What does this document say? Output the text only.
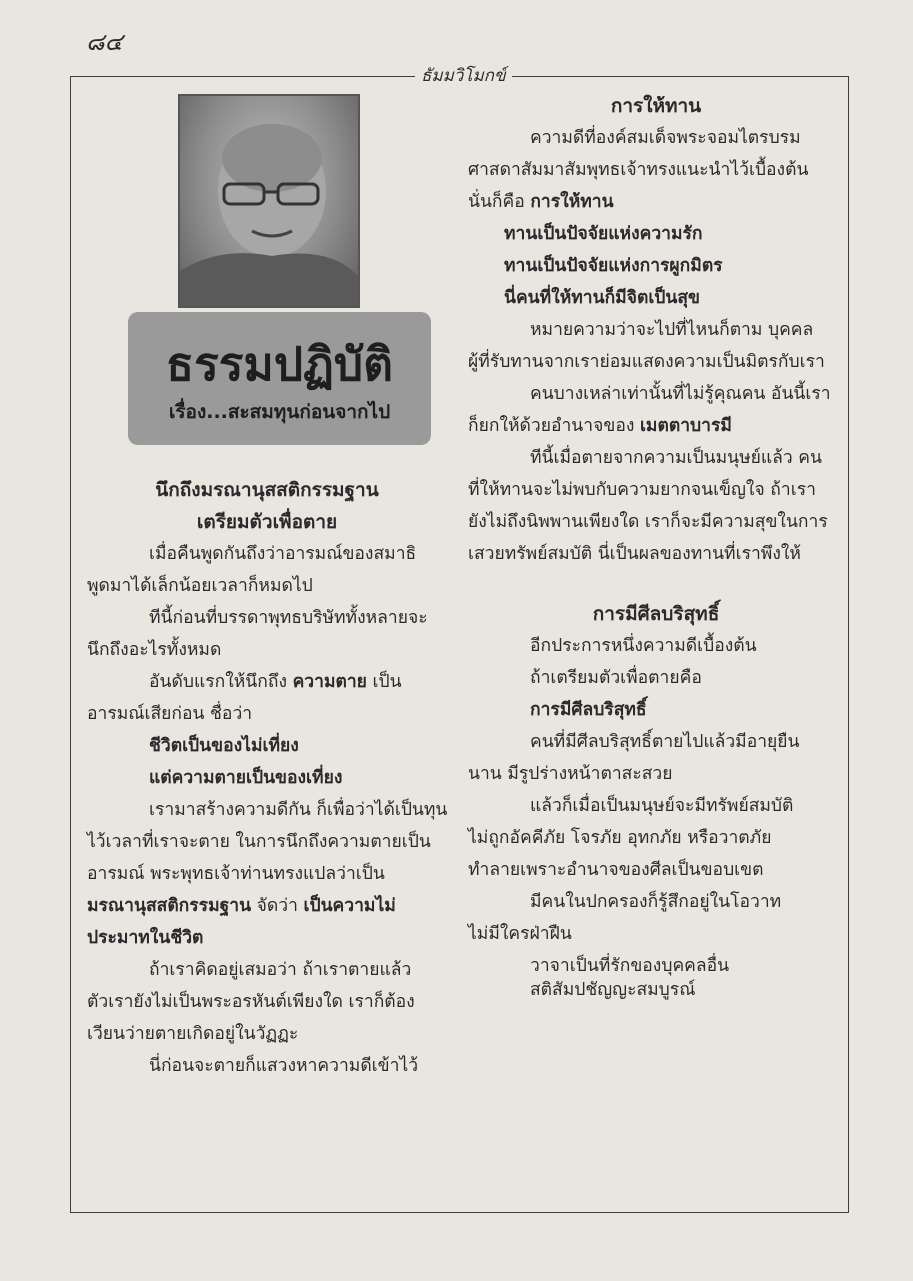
๘๔
ธัมมวิโมกข์
ธรรมปฏิบัติ
เรื่อง...สะสมทุนก่อนจากไป
นึกถึงมรณานุสสติกรรมฐาน
เตรียมตัวเพื่อตาย
เมื่อคืนพูดกันถึงว่าอารมณ์ของสมาธิ
พูดมาได้เล็กน้อยเวลาก็หมดไป
ทีนี้ก่อนที่บรรดาพุทธบริษัททั้งหลายจะ
นึกถึงอะไรทั้งหมด
อันดับแรกให้นึกถึง ความตาย เป็น
อารมณ์เสียก่อน ชื่อว่า
ชีวิตเป็นของไม่เที่ยง
แต่ความตายเป็นของเที่ยง
เรามาสร้างความดีกัน ก็เพื่อว่าได้เป็นทุน
ไว้เวลาที่เราจะตาย ในการนึกถึงความตายเป็น
อารมณ์ พระพุทธเจ้าท่านทรงแปลว่าเป็น
มรณานุสสติกรรมฐาน จัดว่า เป็นความไม่
ประมาทในชีวิต
ถ้าเราคิดอยู่เสมอว่า ถ้าเราตายแล้ว
ตัวเรายังไม่เป็นพระอรหันต์เพียงใด เราก็ต้อง
เวียนว่ายตายเกิดอยู่ในวัฏฏะ
นี่ก่อนจะตายก็แสวงหาความดีเข้าไว้
การให้ทาน
ความดีที่องค์สมเด็จพระจอมไตรบรม
ศาสดาสัมมาสัมพุทธเจ้าทรงแนะนำไว้เบื้องต้น
นั่นก็คือ การให้ทาน
ทานเป็นปัจจัยแห่งความรัก
ทานเป็นปัจจัยแห่งการผูกมิตร
นี่คนที่ให้ทานก็มีจิตเป็นสุข
หมายความว่าจะไปที่ไหนก็ตาม บุคคล
ผู้ที่รับทานจากเราย่อมแสดงความเป็นมิตรกับเรา
คนบางเหล่าเท่านั้นที่ไม่รู้คุณคน อันนี้เรา
ก็ยกให้ด้วยอำนาจของ เมตตาบารมี
ทีนี้เมื่อตายจากความเป็นมนุษย์แล้ว คน
ที่ให้ทานจะไม่พบกับความยากจนเข็ญใจ ถ้าเรา
ยังไม่ถึงนิพพานเพียงใด เราก็จะมีความสุขในการ
เสวยทรัพย์สมบัติ นี่เป็นผลของทานที่เราพึงให้
การมีศีลบริสุทธิ์
อีกประการหนึ่งความดีเบื้องต้น
ถ้าเตรียมตัวเพื่อตายคือ
การมีศีลบริสุทธิ์
คนที่มีศีลบริสุทธิ์ตายไปแล้วมีอายุยืน
นาน มีรูปร่างหน้าตาสะสวย
แล้วก็เมื่อเป็นมนุษย์จะมีทรัพย์สมบัติ
ไม่ถูกอัคคีภัย โจรภัย อุทกภัย หรือวาตภัย
ทำลายเพราะอำนาจของศีลเป็นขอบเขต
มีคนในปกครองก็รู้สึกอยู่ในโอวาท
ไม่มีใครฝ่าฝืน
วาจาเป็นที่รักของบุคคลอื่น
สติสัมปชัญญะสมบูรณ์
